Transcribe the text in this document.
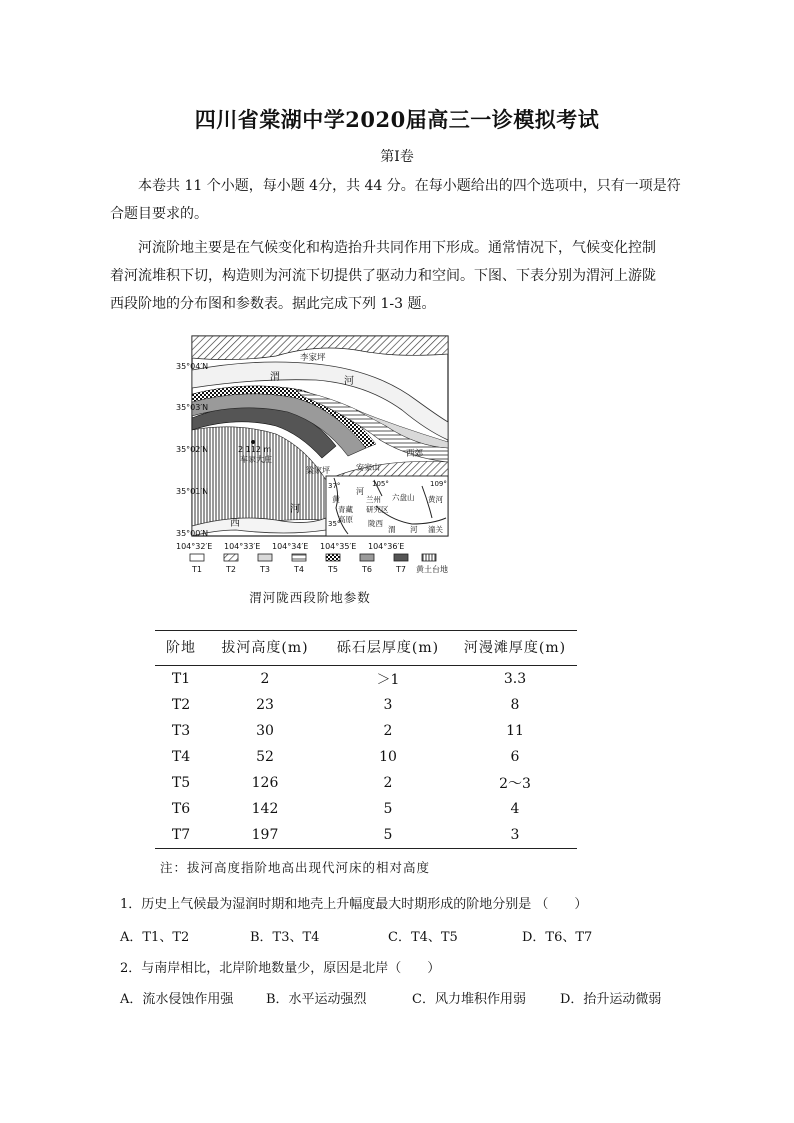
四川省棠湖中学2020届高三一诊模拟考试
第Ⅰ卷
本卷共 11 个小题，每小题 4分，共 44 分。在每小题给出的四个选项中，只有一项是符
合题目要求的。
河流阶地主要是在气候变化和构造抬升共同作用下形成。通常情况下，气候变化控制
着河流堆积下切，构造则为河流下切提供了驱动力和空间。下图、下表分别为渭河上游陇
西段阶地的分布图和参数表。据此完成下列 1-3 题。
35°04′N
35°03′N
35°02′N
35°01′N
35°00′N
李家坪
渭	河
西郊
2 112 m
车家大庄
梁家坪	安家山
河
西
37°
35°
105°	109°
黄
河
青藏
高原
兰州
研究区
六盘山
陇西
渭 河
黄河
潼关
104°32′E 104°33′E 104°34′E 104°35′E 104°36′E
T1	T2	T3	T4	T5	T6	T7 黄土台地
渭河陇西段阶地参数
阶地	拔河高度(m)	砾石层厚度(m)	河漫滩厚度(m)
T1	2	＞1	3.3
T2	23	3	8
T3	30	2	11
T4	52	10	6
T5	126	2	2～3
T6	142	5	4
T7	197	5	3
注：拔河高度指阶地高出现代河床的相对高度
1．历史上气候最为湿润时期和地壳上升幅度最大时期形成的阶地分别是 （　　）
A．T1、T2	B．T3、T4	C．T4、T5	D．T6、T7
2．与南岸相比，北岸阶地数量少，原因是北岸（　　）
A．流水侵蚀作用强	B．水平运动强烈	C．风力堆积作用弱	D．抬升运动微弱
